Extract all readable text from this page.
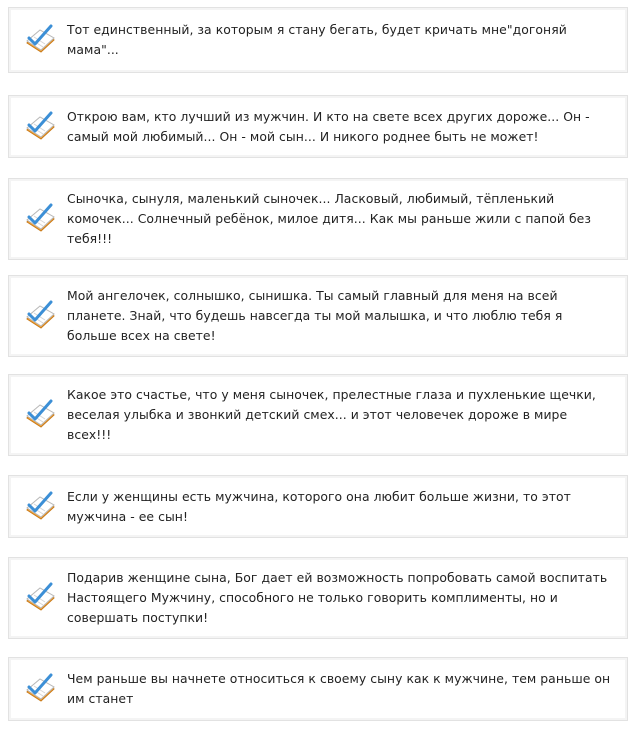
Тот единственный, за которым я стану бегать, будет кричать мне"догоняй мама"...
Открою вам, кто лучший из мужчин. И кто на свете всех других дороже... Он - самый мой любимый... Он - мой сын... И никого роднее быть не может!
Сыночка, сынуля, маленький сыночек... Ласковый, любимый, тёпленький комочек... Солнечный ребёнок, милое дитя... Как мы раньше жили с папой без тебя!!!
Мой ангелочек, солнышко, сынишка. Ты самый главный для меня на всей планете. Знай, что будешь навсегда ты мой малышка, и что люблю тебя я больше всех на свете!
Какое это счастье, что у меня сыночек, прелестные глаза и пухленькие щечки, веселая улыбка и звонкий детский смех... и этот человечек дороже в мире всех!!!
Если у женщины есть мужчина, которого она любит больше жизни, то этот мужчина - ее сын!
Подарив женщине сына, Бог дает ей возможность попробовать самой воспитать Настоящего Мужчину, способного не только говорить комплименты, но и совершать поступки!
Чем раньше вы начнете относиться к своему сыну как к мужчине, тем раньше он им станет
